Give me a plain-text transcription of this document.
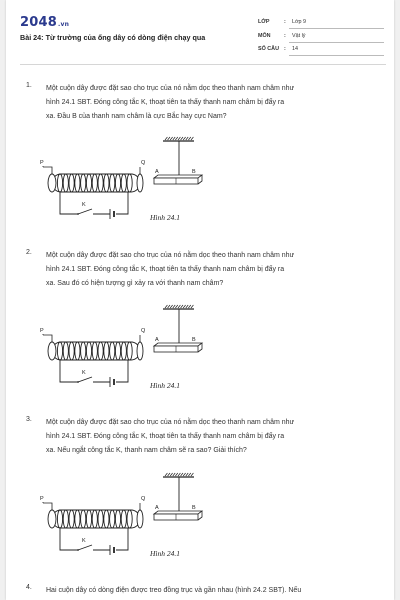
2048.vn
Bài 24: Từ trường của ống dây có dòng điện chạy qua
LỚP	: Lớp 9
MÔN : Vật lý
SỐ CÂU : 14
1. Một cuộn dây được đặt sao cho trục của nó nằm dọc theo thanh nam châm như
hình 24.1 SBT. Đóng công tắc K, thoạt tiên ta thấy thanh nam châm bị đẩy ra
xa. Đầu B của thanh nam châm là cực Bắc hay cực Nam?
P	Q
K
A	B
Hình 24.1
2. Một cuộn dây được đặt sao cho trục của nó nằm dọc theo thanh nam châm như
hình 24.1 SBT. Đóng công tắc K, thoạt tiên ta thấy thanh nam châm bị đẩy ra
xa. Sau đó có hiện tượng gì xảy ra với thanh nam châm?
P	Q
K
A	B
Hình 24.1
3. Một cuộn dây được đặt sao cho trục của nó nằm dọc theo thanh nam châm như
hình 24.1 SBT. Đóng công tắc K, thoạt tiên ta thấy thanh nam châm bị đẩy ra
xa. Nếu ngắt công tắc K, thanh nam châm sẽ ra sao? Giải thích?
P	Q
K
A	B
Hình 24.1
4. Hai cuộn dây có dòng điện được treo đồng trục và gần nhau (hình 24.2 SBT). Nếu
